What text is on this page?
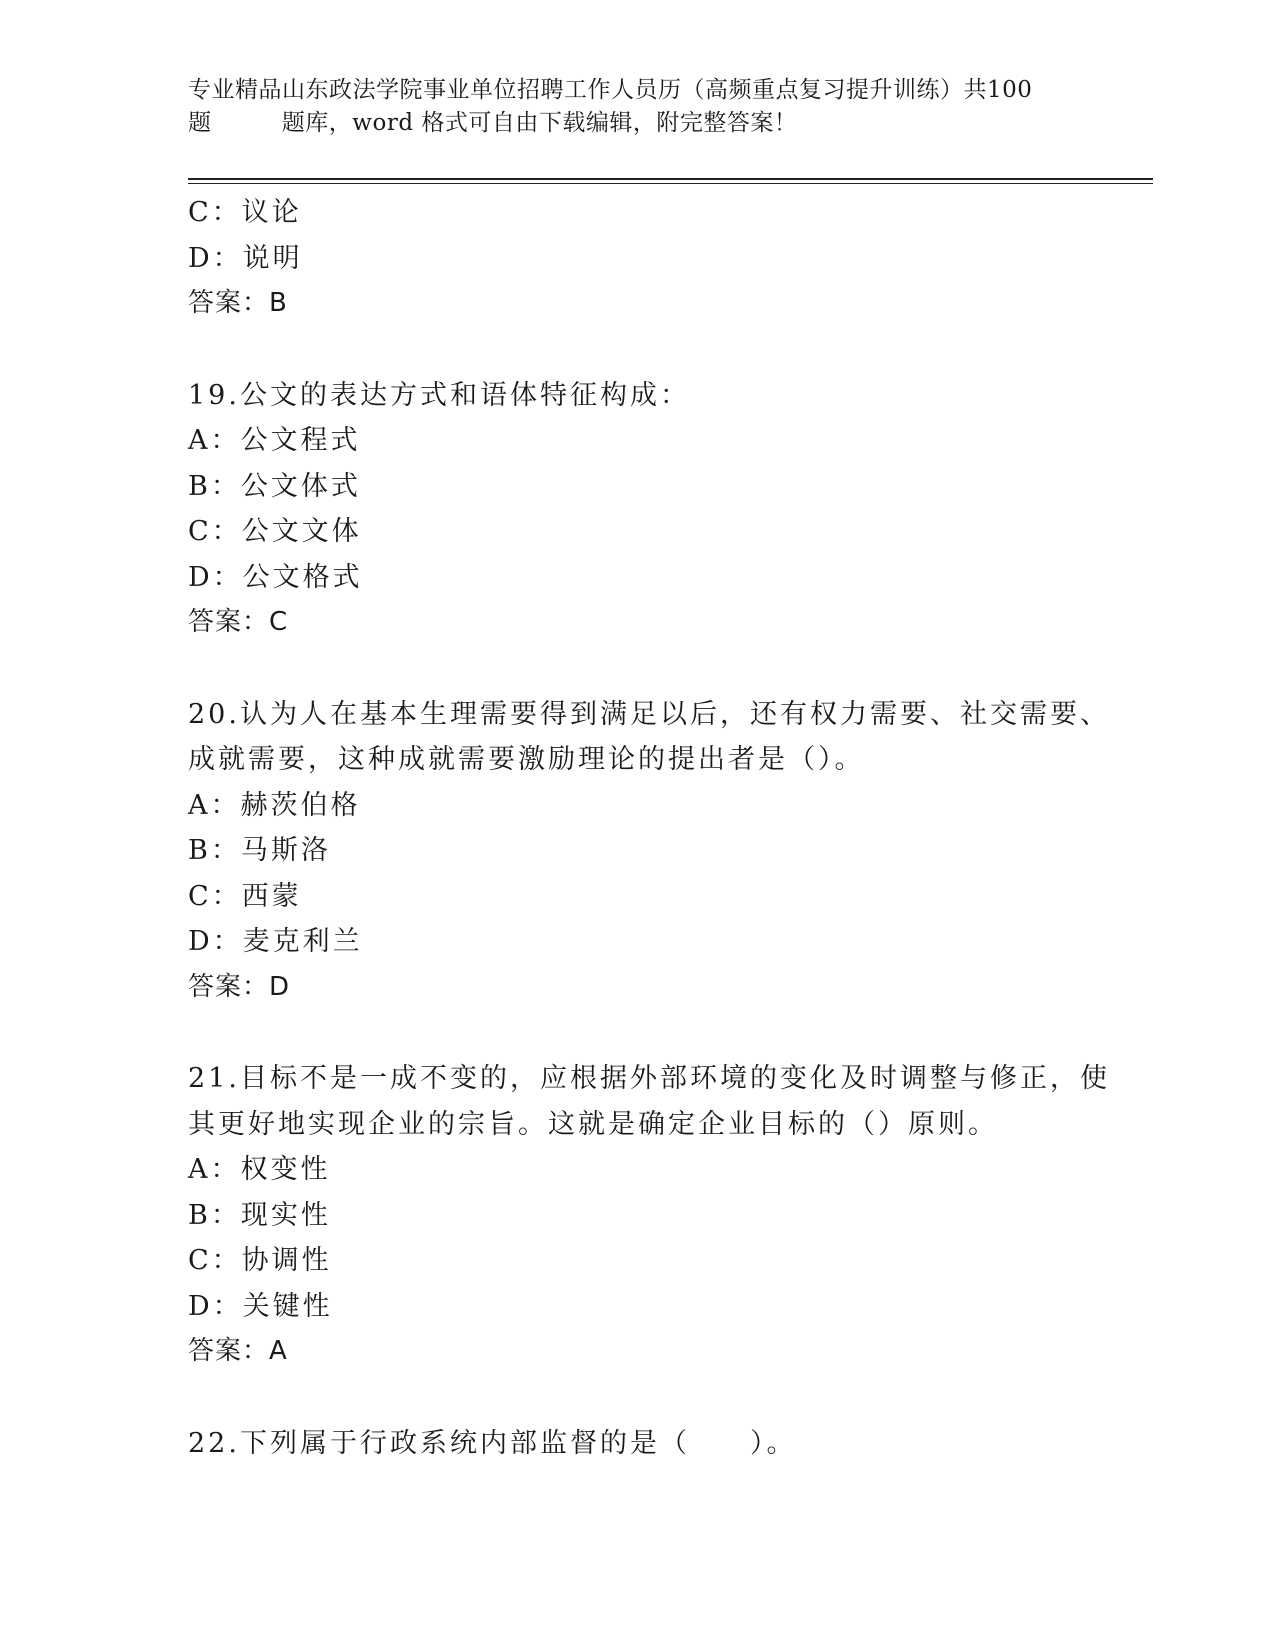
专业精品山东政法学院事业单位招聘工作人员历（高频重点复习提升训练）共100
题         题库，word 格式可自由下载编辑，附完整答案！
C：议论
D：说明
答案：B
19.公文的表达方式和语体特征构成：
A：公文程式
B：公文体式
C：公文文体
D：公文格式
答案：C
20.认为人在基本生理需要得到满足以后，还有权力需要、社交需要、
成就需要，这种成就需要激励理论的提出者是（）。
A：赫茨伯格
B：马斯洛
C：西蒙
D：麦克利兰
答案：D
21.目标不是一成不变的，应根据外部环境的变化及时调整与修正，使
其更好地实现企业的宗旨。这就是确定企业目标的（）原则。
A：权变性
B：现实性
C：协调性
D：关键性
答案：A
22.下列属于行政系统内部监督的是（　　）。
